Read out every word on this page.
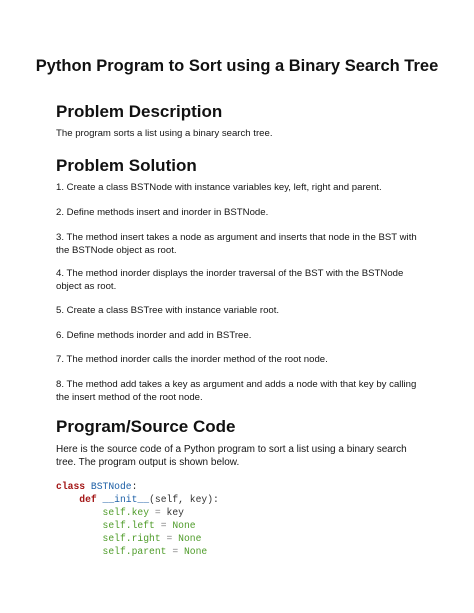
Python Program to Sort using a Binary Search Tree
Problem Description
The program sorts a list using a binary search tree.
Problem Solution
1. Create a class BSTNode with instance variables key, left, right and parent.
2. Define methods insert and inorder in BSTNode.
3. The method insert takes a node as argument and inserts that node in the BST with the BSTNode object as root.
4. The method inorder displays the inorder traversal of the BST with the BSTNode object as root.
5. Create a class BSTree with instance variable root.
6. Define methods inorder and add in BSTree.
7. The method inorder calls the inorder method of the root node.
8. The method add takes a key as argument and adds a node with that key by calling the insert method of the root node.
Program/Source Code
Here is the source code of a Python program to sort a list using a binary search tree. The program output is shown below.
class BSTNode:
def __init__(self, key):
self.key = key
self.left = None
self.right = None
self.parent = None
